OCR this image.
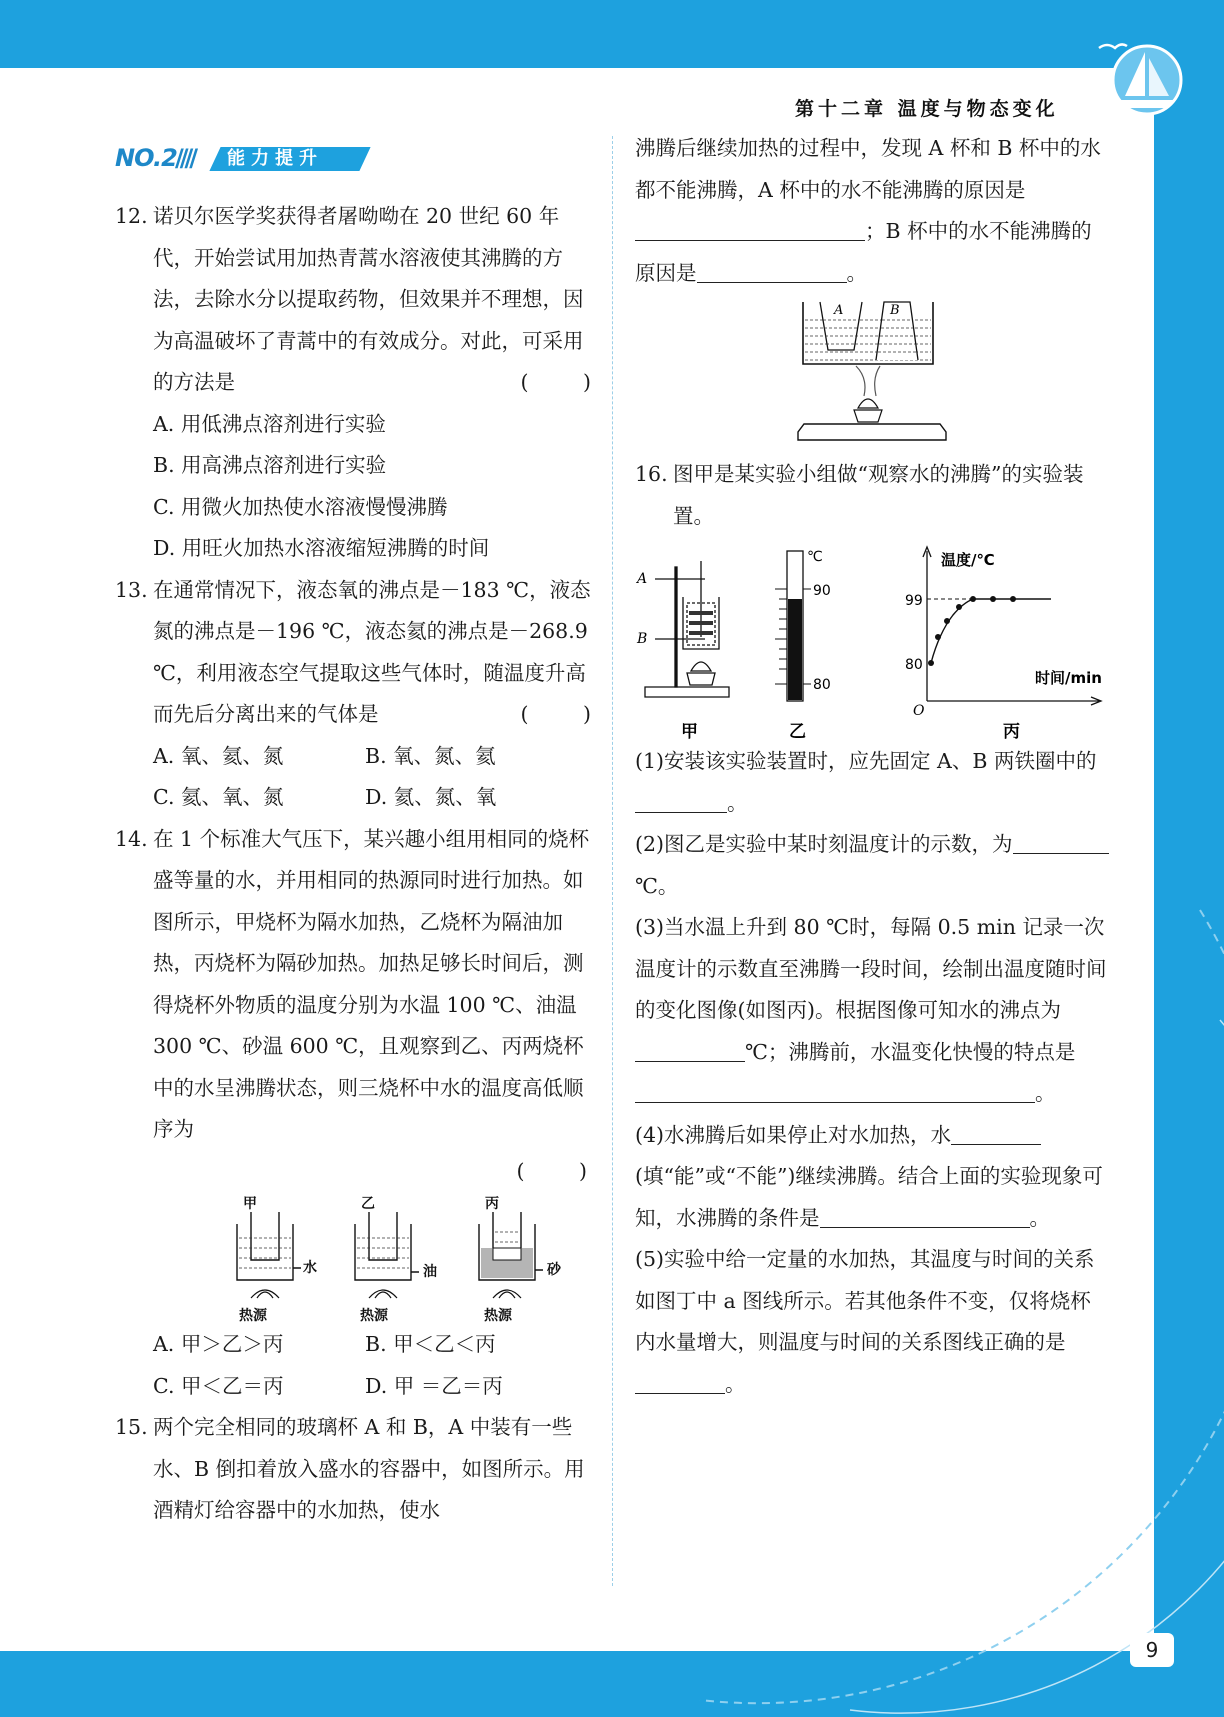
第十二章 温度与物态变化
NO.2
//// 能力提升
12. 诺贝尔医学奖获得者屠呦呦在 20 世纪 60 年代，开始尝试用加热青蒿水溶液使其沸腾的方法，去除水分以提取药物，但效果并不理想，因为高温破坏了青蒿中的有效成分。对此，可采用的方法是	( )
A. 用低沸点溶剂进行实验
B. 用高沸点溶剂进行实验
C. 用微火加热使水溶液慢慢沸腾
D. 用旺火加热水溶液缩短沸腾的时间
13. 在通常情况下，液态氧的沸点是－183 ℃，液态氮的沸点是－196 ℃，液态氦的沸点是－268.9 ℃，利用液态空气提取这些气体时，随温度升高而先后分离出来的气体是	( )
A. 氧、氦、氮	B. 氧、氮、氦
C. 氦、氧、氮	D. 氦、氮、氧
14. 在 1 个标准大气压下，某兴趣小组用相同的烧杯盛等量的水，并用相同的热源同时进行加热。如图所示，甲烧杯为隔水加热，乙烧杯为隔油加热，丙烧杯为隔砂加热。加热足够长时间后，测得烧杯外物质的温度分别为水温 100 ℃、油温 300 ℃、砂温 600 ℃，且观察到乙、丙两烧杯中的水呈沸腾状态，则三烧杯中水的温度高低顺序为
( )
甲	乙	丙
水	油	砂
热源	热源	热源
A. 甲＞乙＞丙	B. 甲＜乙＜丙
C. 甲＜乙＝丙	D. 甲 ＝乙＝丙
15. 两个完全相同的玻璃杯 A 和 B，A 中装有一些水、B 倒扣着放入盛水的容器中，如图所示。用酒精灯给容器中的水加热，使水
沸腾后继续加热的过程中，发现 A 杯和 B 杯中的水都不能沸腾，A 杯中的水不能沸腾的原因是；B 杯中的水不能沸腾的原因是	。
A	B
16. 图甲是某实验小组做“观察水的沸腾”的实验装置。
A
B
甲
℃
90
80
乙
温度/℃
时间/min
99
80
O
丙
(1)安装该实验装置时，应先固定 A、B 两铁圈中的。
(2)图乙是实验中某时刻温度计的示数，为℃。
(3)当水温上升到 80 ℃时，每隔 0.5 min 记录一次温度计的示数直至沸腾一段时间，绘制出温度随时间的变化图像(如图丙)。根据图像可知水的沸点为℃；沸腾前，水温变化快慢的特点是。
(4)水沸腾后如果停止对水加热，水(填“能”或“不能”)继续沸腾。结合上面的实验现象可知，水沸腾的条件是	。
(5)实验中给一定量的水加热，其温度与时间的关系如图丁中 a 图线所示。若其他条件不变，仅将烧杯内水量增大，则温度与时间的关系图线正确的是。
9
